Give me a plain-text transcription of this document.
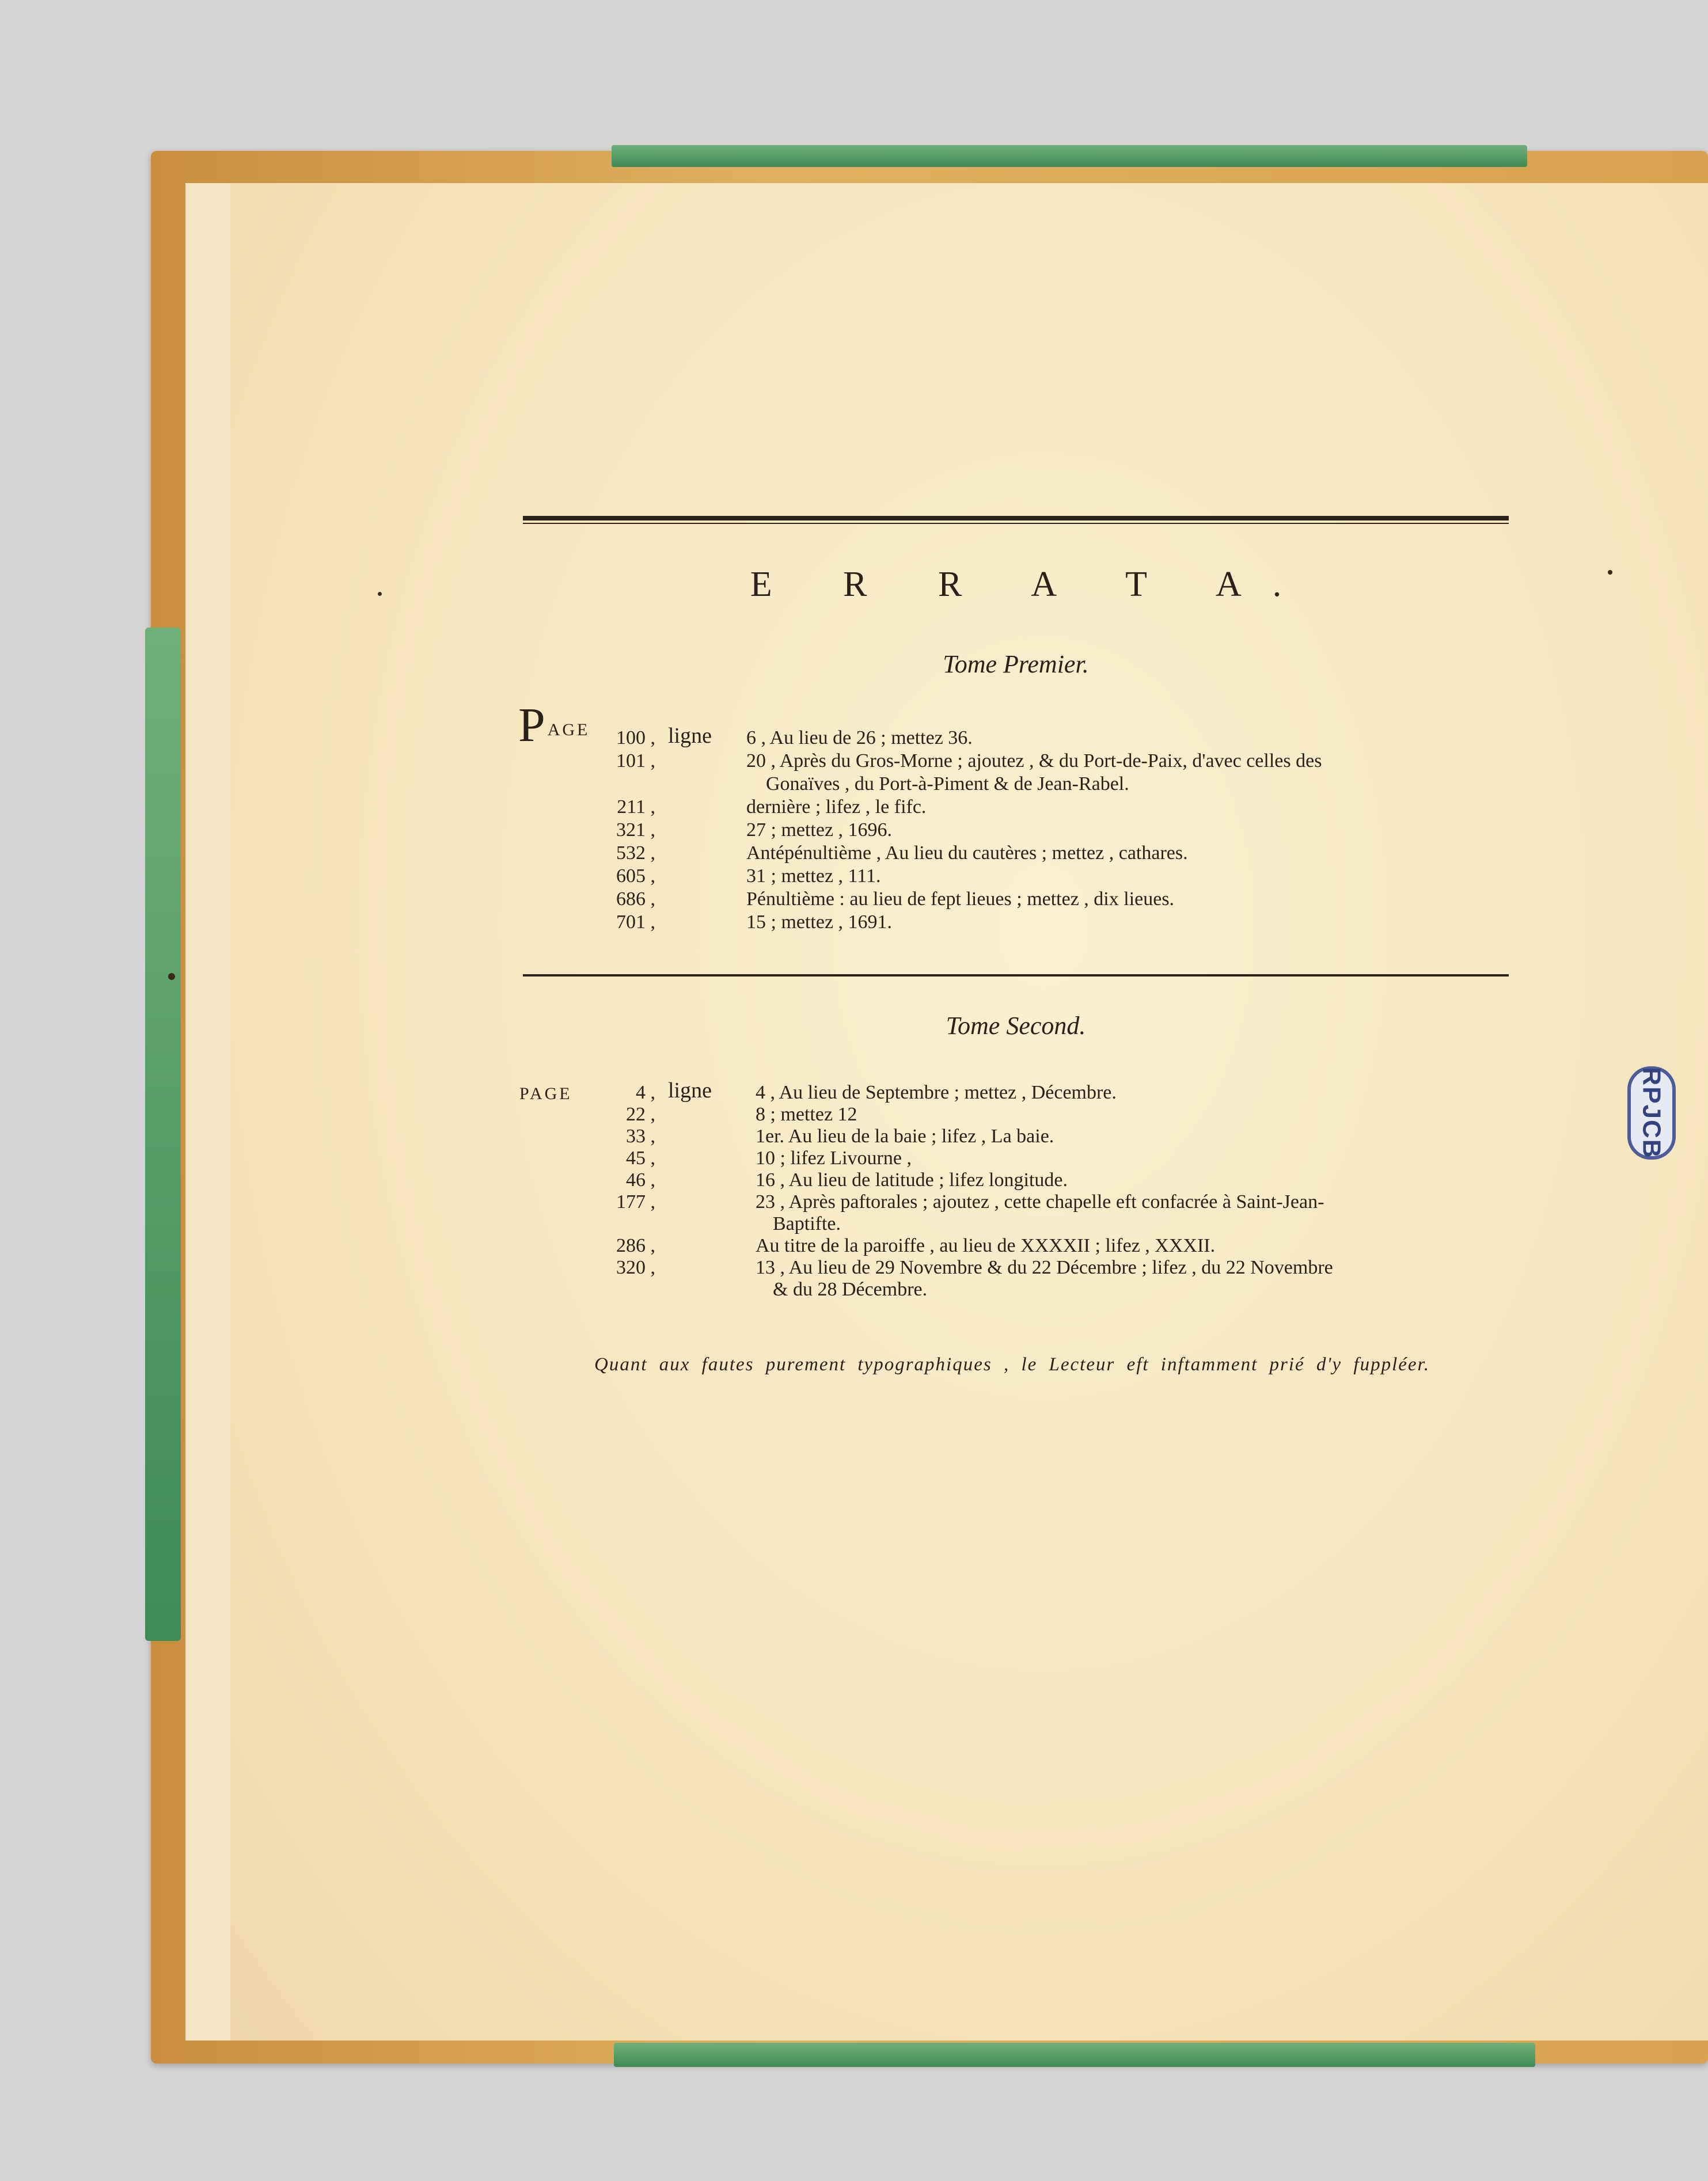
RPJCB
E R R A T A.
Tome Premier.
PAGE	ligne
100 ,	6 , Au lieu de 26 ; mettez 36.
101 ,	20 , Après du Gros-Morne ; ajoutez , & du Port-de-Paix, d'avec celles des
Gonaïves , du Port-à-Piment & de Jean-Rabel.
211 ,	dernière ; lifez , le fifc.
321 ,	27 ; mettez , 1696.
532 ,	Antépénultième , Au lieu du cautères ; mettez , cathares.
605 ,	31 ; mettez , 111.
686 ,	Pénultième : au lieu de fept lieues ; mettez , dix lieues.
701 ,	15 ; mettez , 1691.
Tome Second.
PAGE	ligne
4 ,	4 , Au lieu de Septembre ; mettez , Décembre.
22 ,	8 ; mettez 12
33 ,	1er. Au lieu de la baie ; lifez , La baie.
45 ,	10 ; lifez Livourne ,
46 ,	16 , Au lieu de latitude ; lifez longitude.
177 ,	23 , Après paftorales ; ajoutez , cette chapelle eft confacrée à Saint-Jean-
Baptifte.
286 ,	Au titre de la paroiffe , au lieu de XXXXII ; lifez , XXXII.
320 ,	13 , Au lieu de 29 Novembre & du 22 Décembre ; lifez , du 22 Novembre
& du 28 Décembre.
Quant aux fautes purement typographiques , le Lecteur eft inftamment prié d'y fuppléer.
